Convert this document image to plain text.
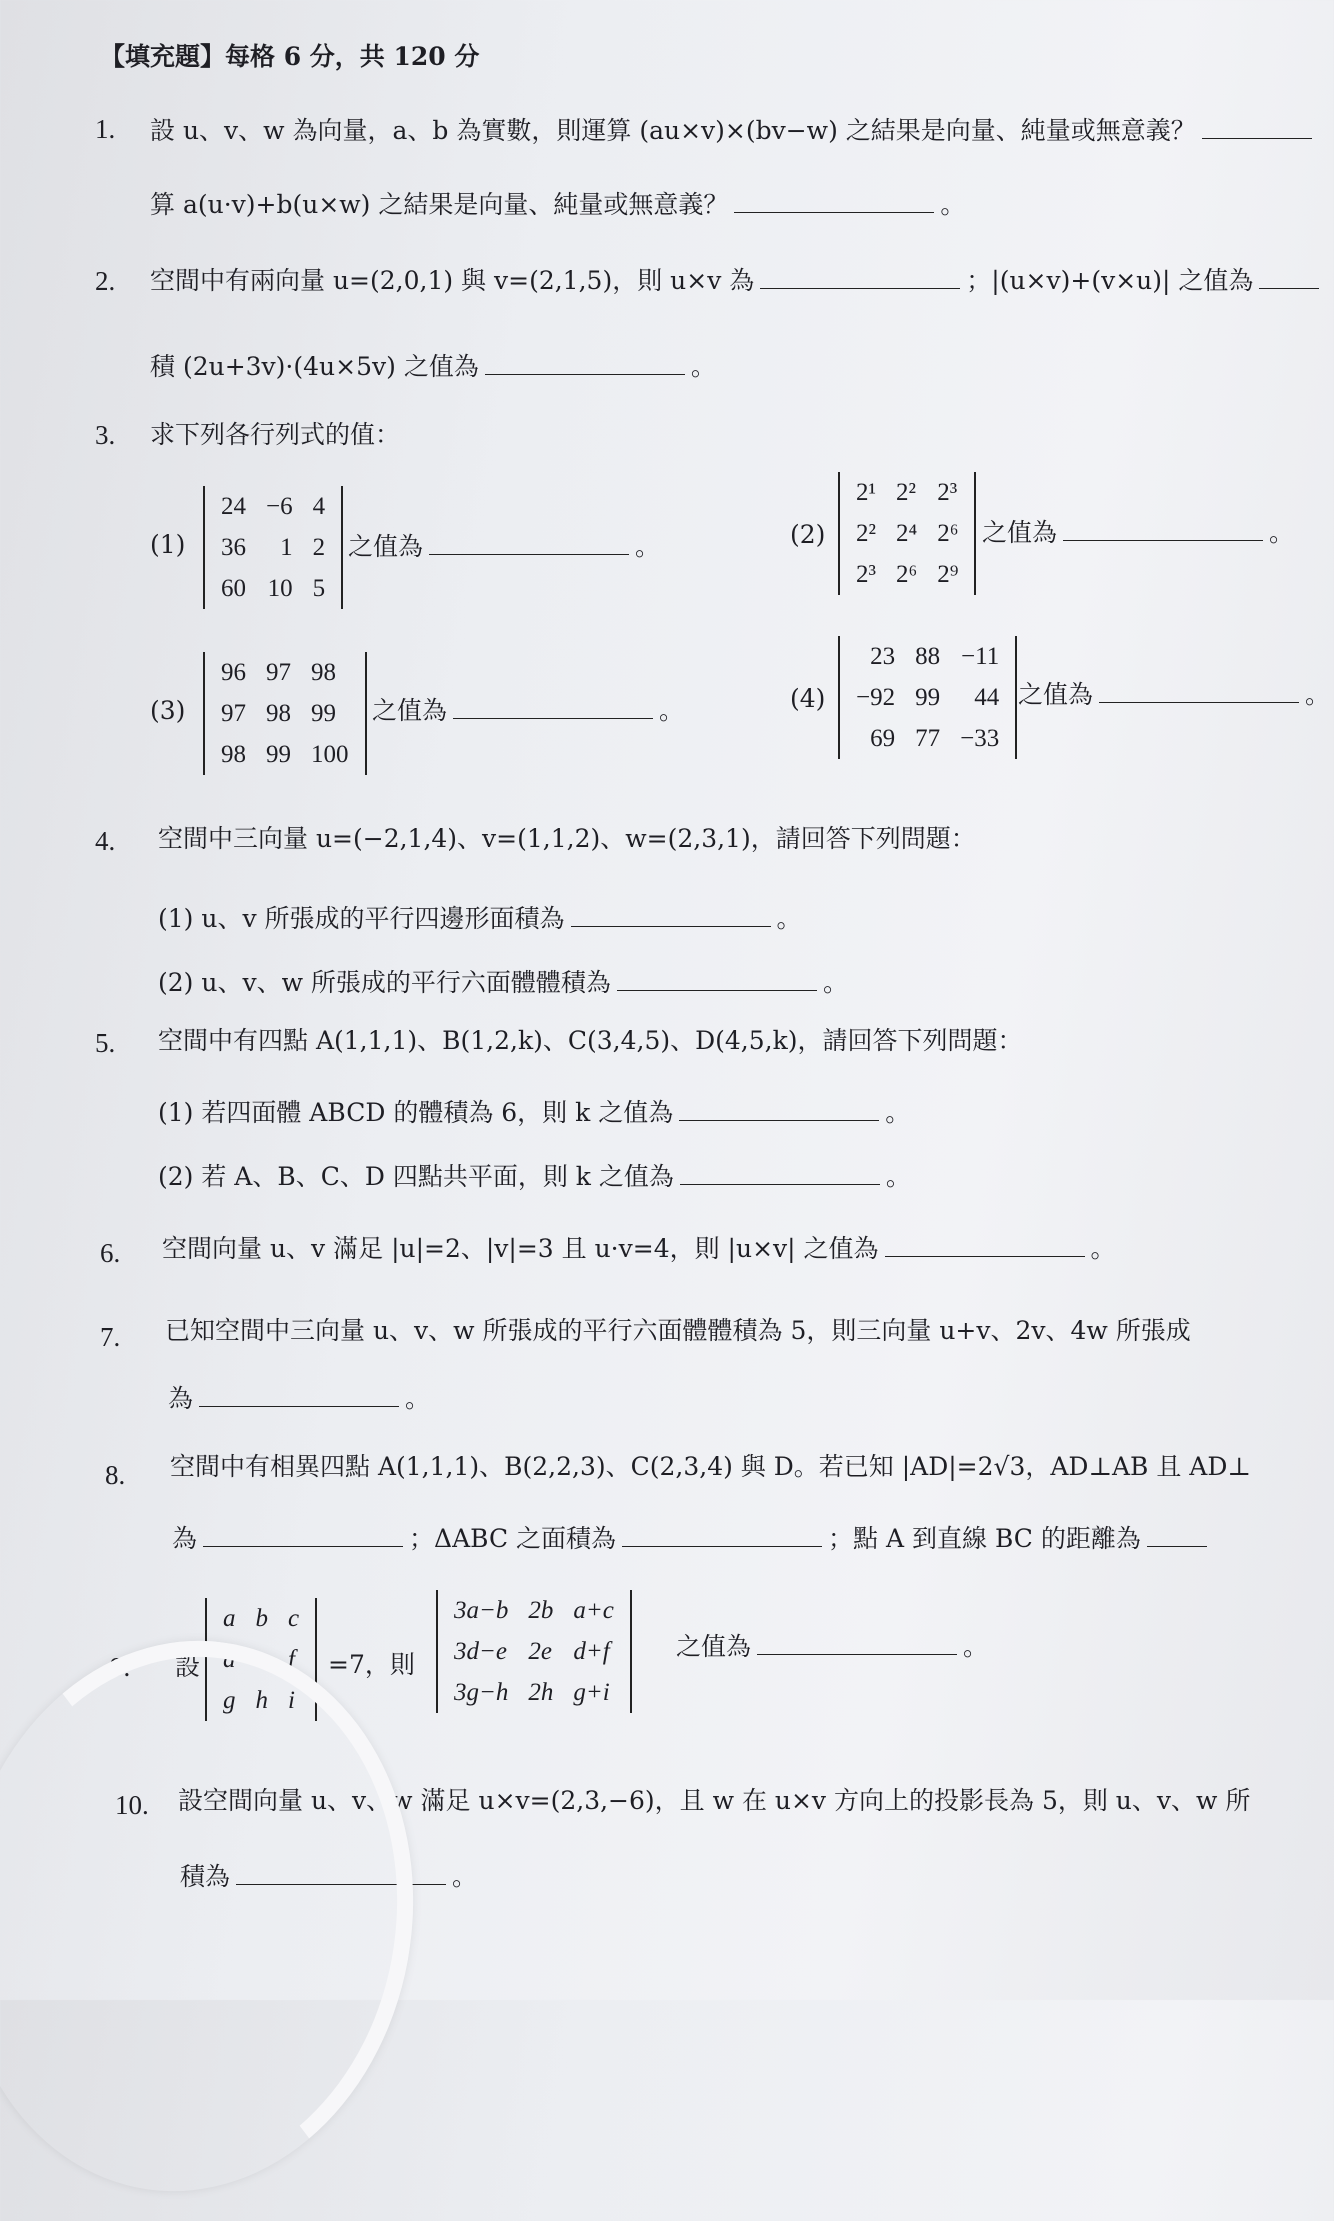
【填充題】每格 6 分，共 120 分
1. 設 u、v、w 為向量，a、b 為實數，則運算 (au×v)×(bv−w) 之結果是向量、純量或無意義？
算 a(u·v)+b(u×w) 之結果是向量、純量或無意義？	。
2. 空間中有兩向量 u=(2,0,1) 與 v=(2,1,5)，則 u×v 為	；|(u×v)+(v×u)| 之值為
積 (2u+3v)·(4u×5v) 之值為	。
3. 求下列各行列式的值：
(1)
24	−6	4
36	1	2
60	10	5
之值為	。	(2)
2¹	2²	2³
2²	2⁴	2⁶
2³	2⁶	2⁹
之值為	。
(3)
96	97	98
97	98	99
98	99	100
之值為	。	(4)
23	88	−11
−92	99	44
69	77	−33
之值為	。
4. 空間中三向量 u=(−2,1,4)、v=(1,1,2)、w=(2,3,1)，請回答下列問題：
(1) u、v 所張成的平行四邊形面積為	。
(2) u、v、w 所張成的平行六面體體積為	。
5. 空間中有四點 A(1,1,1)、B(1,2,k)、C(3,4,5)、D(4,5,k)，請回答下列問題：
(1) 若四面體 ABCD 的體積為 6，則 k 之值為	。
(2) 若 A、B、C、D 四點共平面，則 k 之值為	。
6. 空間向量 u、v 滿足 |u|=2、|v|=3 且 u·v=4，則 |u×v| 之值為	。
7. 已知空間中三向量 u、v、w 所張成的平行六面體體積為 5，則三向量 u+v、2v、4w 所張成
為	。
8. 空間中有相異四點 A(1,1,1)、B(2,2,3)、C(2,3,4) 與 D。若已知 |AD|=2√3，AD⊥AB 且 AD⊥
為	；ΔABC 之面積為	；點 A 到直線 BC 的距離為
9. 設
a	b	c
d	e	f
g	h	i
=7，則
3a−b	2b	a+c
3d−e	2e	d+f
3g−h	2h	g+i
之值為	。
10. 設空間向量 u、v、w 滿足 u×v=(2,3,−6)，且 w 在 u×v 方向上的投影長為 5，則 u、v、w 所
積為	。
